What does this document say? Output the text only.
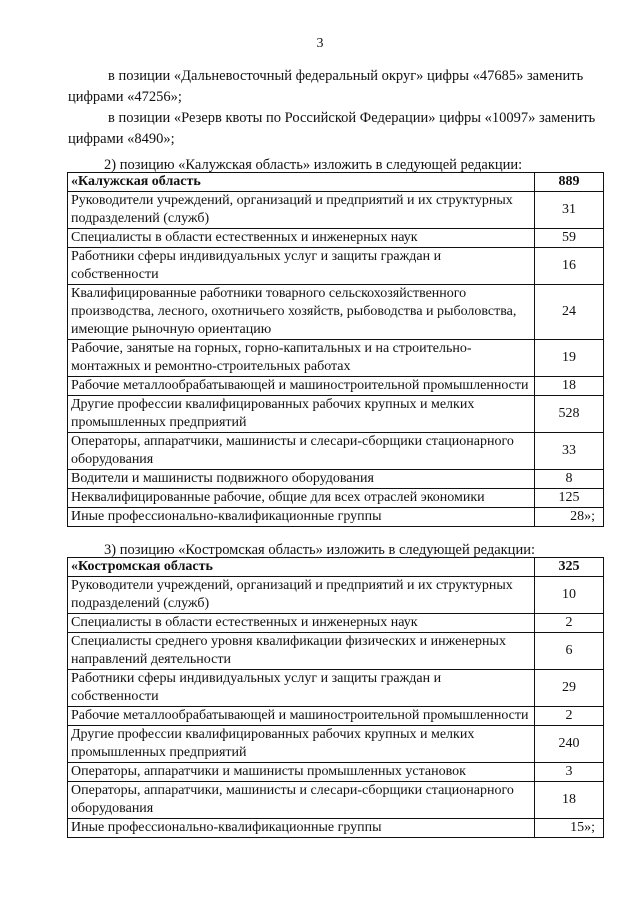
3

в позиции «Дальневосточный федеральный округ» цифры «47685» заменить цифрами «47256»;

в позиции «Резерв квоты по Российской Федерации» цифры «10097» заменить цифрами «8490»;

2) позицию «Калужская область» изложить в следующей редакции:
«Калужская область	889
Руководители учреждений, организаций и предприятий и их структурных подразделений (служб)	31
Специалисты в области естественных и инженерных наук	59
Работники сферы индивидуальных услуг и защиты граждан и собственности	16
Квалифицированные работники товарного сельскохозяйственного производства, лесного, охотничьего хозяйств, рыбоводства и рыболовства, имеющие рыночную ориентацию	24
Рабочие, занятые на горных, горно-капитальных и на строительно-монтажных и ремонтно-строительных работах	19
Рабочие металлообрабатывающей и машиностроительной промышленности	18
Другие профессии квалифицированных рабочих крупных и мелких промышленных предприятий	528
Операторы, аппаратчики, машинисты и слесари-сборщики стационарного оборудования	33
Водители и машинисты подвижного оборудования	8
Неквалифицированные рабочие, общие для всех отраслей экономики	125
Иные профессионально-квалификационные группы	28»;
3) позицию «Костромская область» изложить в следующей редакции:
«Костромская область	325
Руководители учреждений, организаций и предприятий и их структурных подразделений (служб)	10
Специалисты в области естественных и инженерных наук	2
Специалисты среднего уровня квалификации физических и инженерных направлений деятельности	6
Работники сферы индивидуальных услуг и защиты граждан и собственности	29
Рабочие металлообрабатывающей и машиностроительной промышленности	2
Другие профессии квалифицированных рабочих крупных и мелких промышленных предприятий	240
Операторы, аппаратчики и машинисты промышленных установок	3
Операторы, аппаратчики, машинисты и слесари-сборщики стационарного оборудования	18
Иные профессионально-квалификационные группы	15»;
